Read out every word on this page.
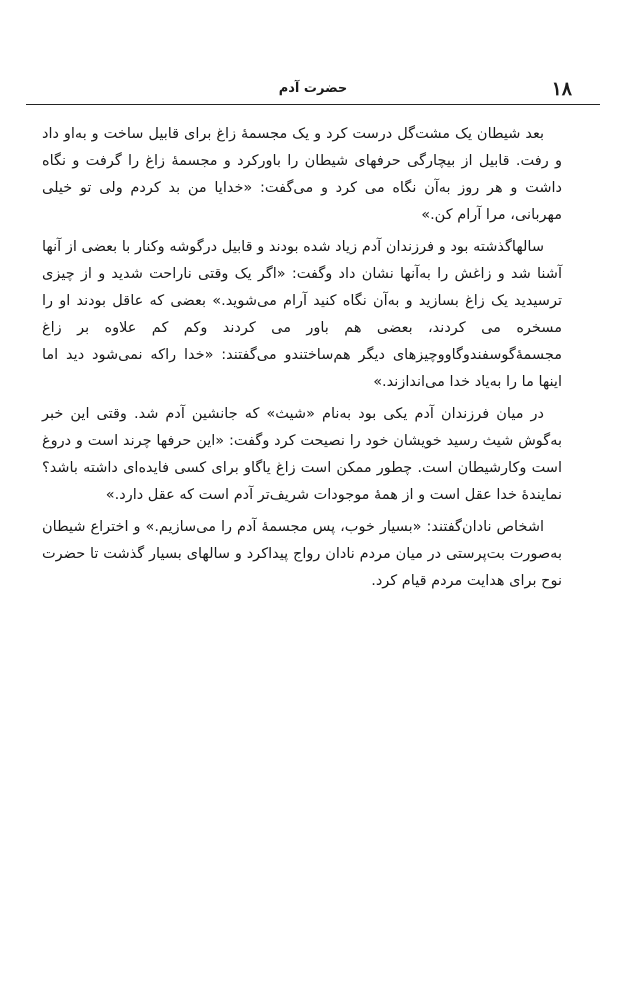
۱۸
حضرت آدم

بعد شیطان یک مشت‌گل درست کرد و یک مجسمهٔ زاغ برای قابیل ساخت و به‌او داد و رفت. قابیل از بیچارگی حرفهای شیطان را باورکرد و مجسمهٔ زاغ را گرفت و نگاه داشت و هر روز به‌آن نگاه می کرد و می‌گفت: «خدایا من بد کردم ولی تو خیلی مهربانی، مرا آرام کن.»

سالها‌گذشته بود و فرزندان آدم زیاد شده بودند و قابیل درگوشه وکنار با بعضی از آنها آشنا شد و زاغش را به‌آنها نشان داد وگفت: «اگر یک وقتی ناراحت شدید و از چیزی ترسیدید یک زاغ بسازید و به‌آن نگاه کنید آرام می‌شوید.» بعضی که عاقل بودند او را مسخره می کردند، بعضی هم باور می کردند وکم کم علاوه بر زاغ مجسمهٔ‌گوسفندوگاووچیزهای دیگر هم‌ساختندو می‌گفتند: «خدا راکه نمی‌شود دید اما اینها ما را به‌یاد خدا می‌اندازند.»

در میان فرزندان آدم یکی بود به‌نام «شیث» که جانشین آدم شد. وقتی این خبر به‌گوش شیث رسید خویشان خود را نصیحت کرد وگفت: «این حرفها چرند است و دروغ است وکارشیطان است. چطور ممکن است زاغ یاگاو برای کسی فایده‌ای داشته باشد؟ نمایندهٔ خدا عقل است و از همهٔ موجودات شریف‌تر آدم است که عقل دارد.»

اشخاص نادان‌گفتند: «بسیار خوب، پس مجسمهٔ آدم را می‌سازیم.» و اختراع شیطان به‌صورت بت‌پرستی در میان مردم نادان رواج پیداکرد و سالهای بسیار گذشت تا حضرت نوح برای هدایت مردم قیام کرد.
